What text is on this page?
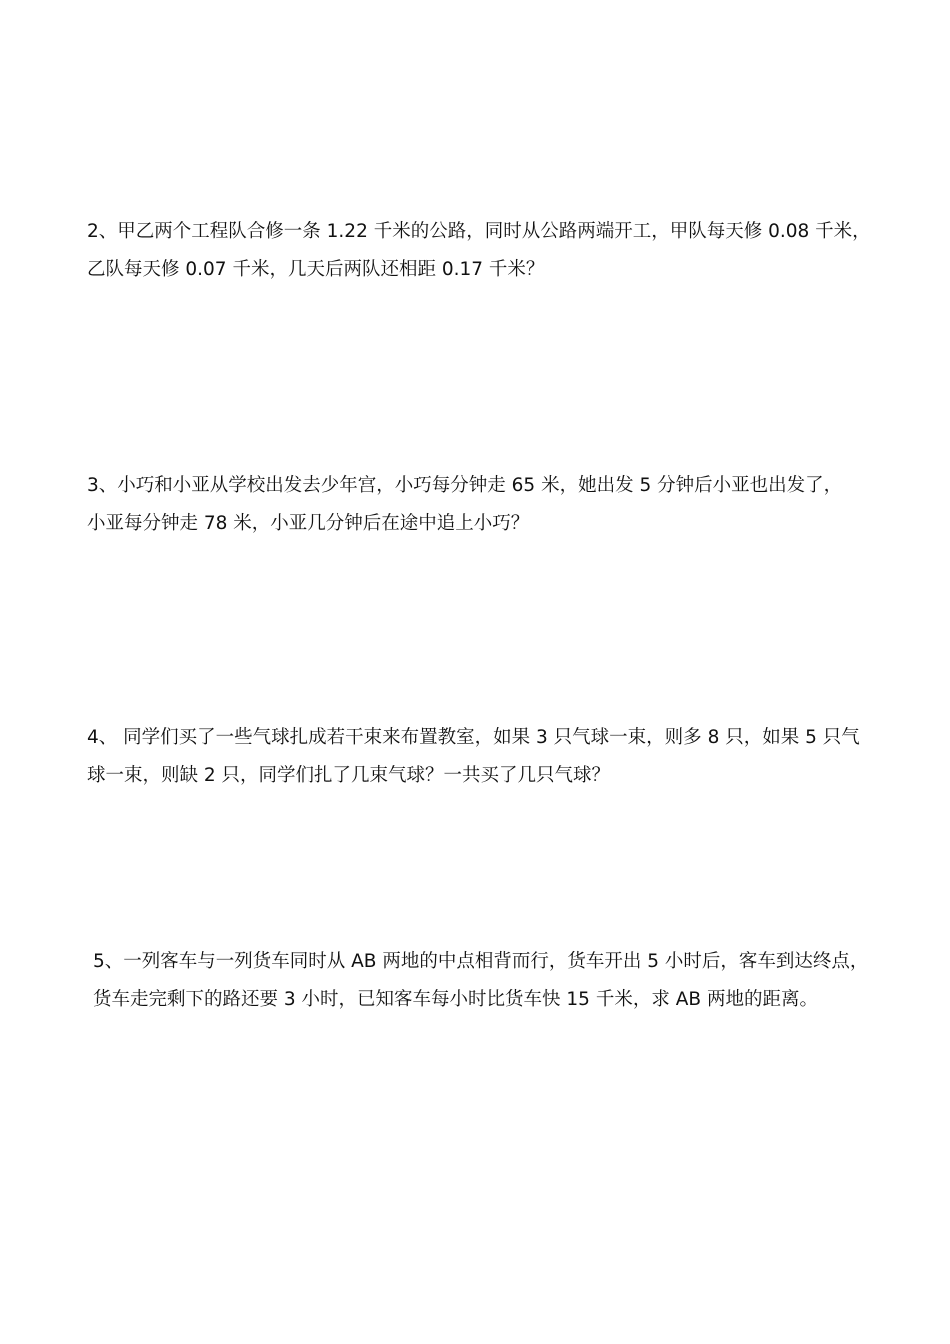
2、甲乙两个工程队合修一条 1.22 千米的公路，同时从公路两端开工，甲队每天修 0.08 千米，
乙队每天修 0.07 千米，几天后两队还相距 0.17 千米？
3、小巧和小亚从学校出发去少年宫，小巧每分钟走 65 米，她出发 5 分钟后小亚也出发了，
小亚每分钟走 78 米，小亚几分钟后在途中追上小巧？
4、 同学们买了一些气球扎成若干束来布置教室，如果 3 只气球一束，则多 8 只，如果 5 只气
球一束，则缺 2 只，同学们扎了几束气球？一共买了几只气球？
5、一列客车与一列货车同时从 AB 两地的中点相背而行，货车开出 5 小时后，客车到达终点，
货车走完剩下的路还要 3 小时，已知客车每小时比货车快 15 千米，求 AB 两地的距离。
